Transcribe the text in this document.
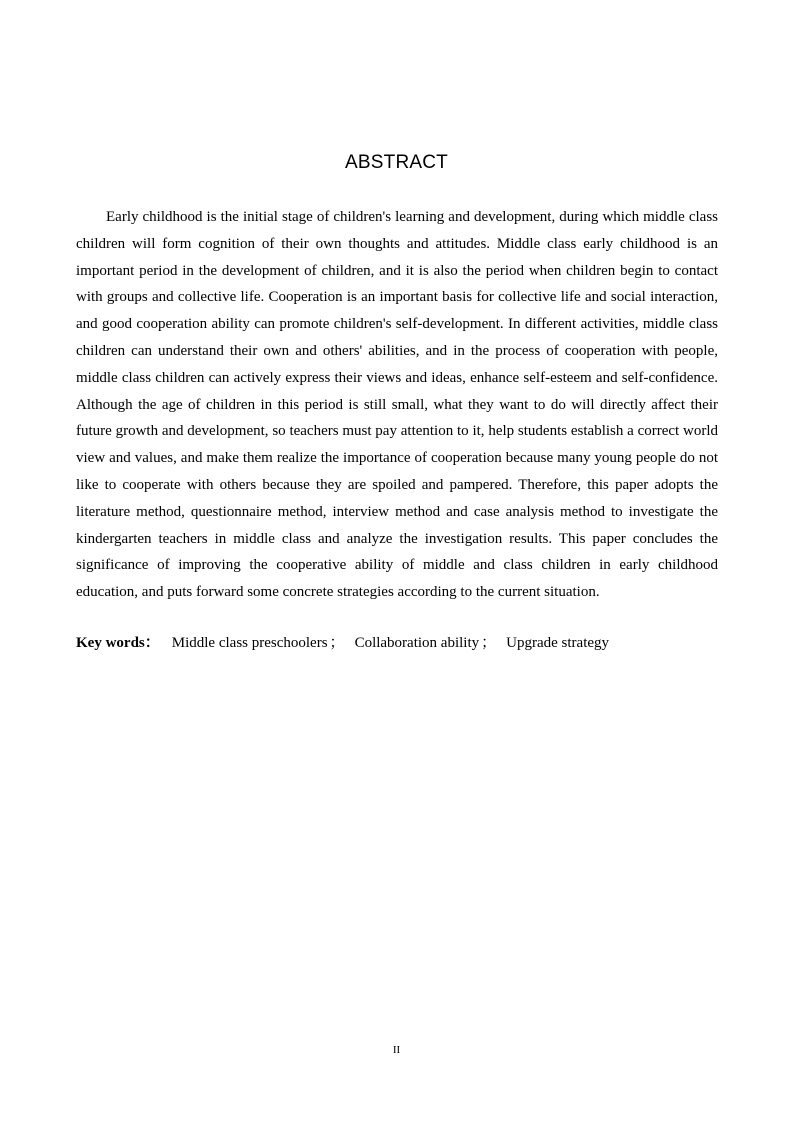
ABSTRACT

Early childhood is the initial stage of children's learning and development, during which middle class children will form cognition of their own thoughts and attitudes. Middle class early childhood is an important period in the development of children, and it is also the period when children begin to contact with groups and collective life. Cooperation is an important basis for collective life and social interaction, and good cooperation ability can promote children's self-development. In different activities, middle class children can understand their own and others' abilities, and in the process of cooperation with people, middle class children can actively express their views and ideas, enhance self-esteem and self-confidence. Although the age of children in this period is still small, what they want to do will directly affect their future growth and development, so teachers must pay attention to it, help students establish a correct world view and values, and make them realize the importance of cooperation because many young people do not like to cooperate with others because they are spoiled and pampered. Therefore, this paper adopts the literature method, questionnaire method, interview method and case analysis method to investigate the kindergarten teachers in middle class and analyze the investigation results. This paper concludes the significance of improving the cooperative ability of middle and class children in early childhood education, and puts forward some concrete strategies according to the current situation.

Key words： Middle class preschoolers ； Collaboration ability ； Upgrade strategy
II
